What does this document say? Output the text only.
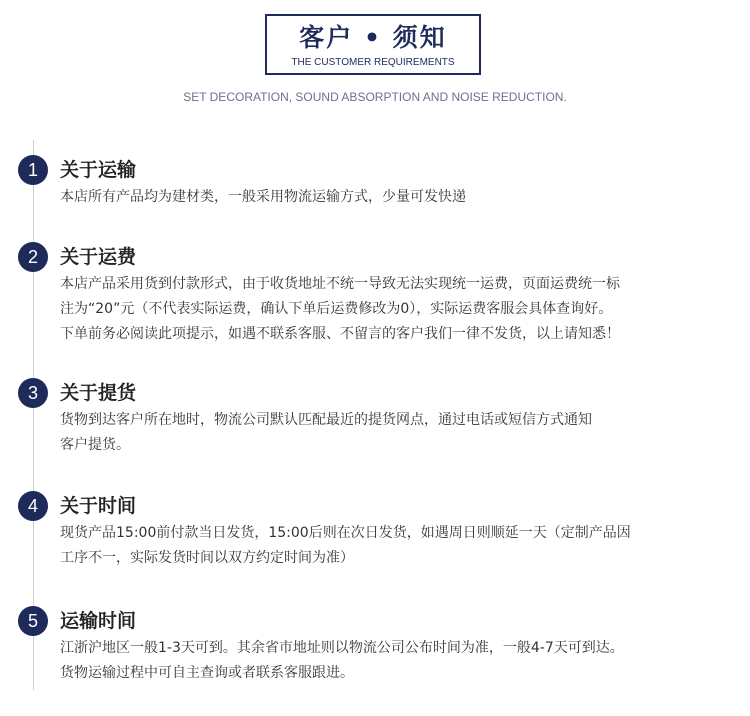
客户 • 须知
THE CUSTOMER REQUIREMENTS
SET DECORATION, SOUND ABSORPTION AND NOISE REDUCTION.
1	关于运输
本店所有产品均为建材类，一般采用物流运输方式，少量可发快递
2	关于运费
本店产品采用货到付款形式，由于收货地址不统一导致无法实现统一运费，页面运费统一标
注为“20”元（不代表实际运费，确认下单后运费修改为0），实际运费客服会具体查询好。
下单前务必阅读此项提示，如遇不联系客服、不留言的客户我们一律不发货，以上请知悉！
3	关于提货
货物到达客户所在地时，物流公司默认匹配最近的提货网点，通过电话或短信方式通知
客户提货。
4	关于时间
现货产品15:00前付款当日发货，15:00后则在次日发货，如遇周日则顺延一天（定制产品因
工序不一，实际发货时间以双方约定时间为准）
5	运输时间
江浙沪地区一般1-3天可到。其余省市地址则以物流公司公布时间为准，一般4-7天可到达。
货物运输过程中可自主查询或者联系客服跟进。
